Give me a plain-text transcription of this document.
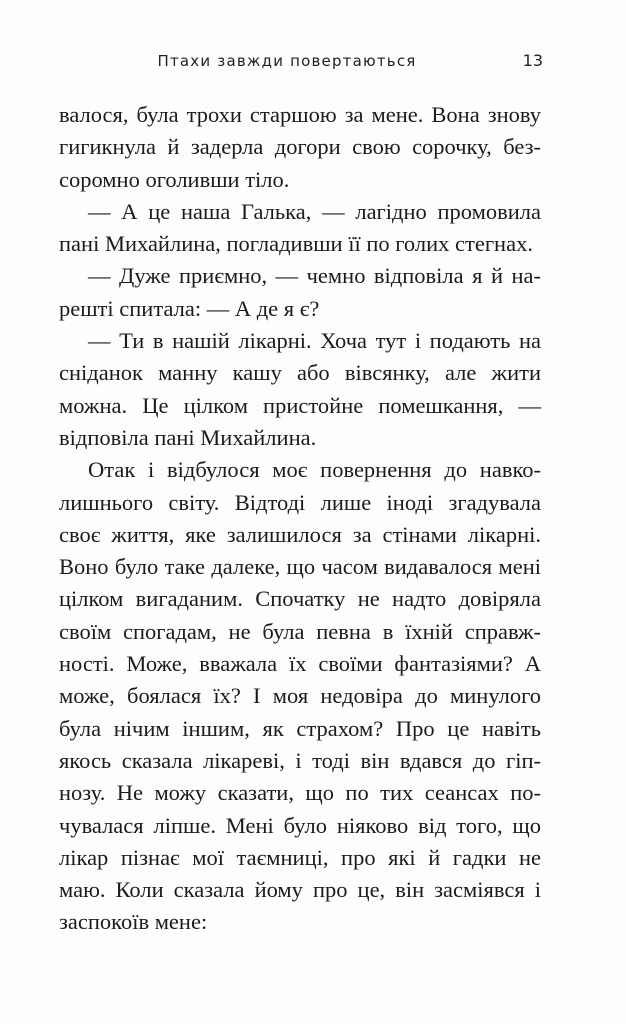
Птахи завжди повертаються	13
валося, була трохи старшою за мене. Вона знову
гигикнула й задерла догори свою сорочку, без-
соромно оголивши тіло.
— А це наша Галька, — лагідно промовила
пані Михайлина, погладивши її по голих стегнах.
— Дуже приємно, — чемно відповіла я й на-
решті спитала: — А де я є?
— Ти в нашій лікарні. Хоча тут і подають на
сніданок манну кашу або вівсянку, але жити
можна. Це цілком пристойне помешкання, —
відповіла пані Михайлина.
Отак і відбулося моє повернення до навко-
лишнього світу. Відтоді лише іноді згадувала
своє життя, яке залишилося за стінами лікарні.
Воно було таке далеке, що часом видавалося мені
цілком вигаданим. Спочатку не надто довіряла
своїм спогадам, не була певна в їхній справж-
ності. Може, вважала їх своїми фантазіями? А
може, боялася їх? І моя недовіра до минулого
була нічим іншим, як страхом? Про це навіть
якось сказала лікареві, і тоді він вдався до гіп-
нозу. Не можу сказати, що по тих сеансах по-
чувалася ліпше. Мені було ніяково від того, що
лікар пізнає мої таємниці, про які й гадки не
маю. Коли сказала йому про це, він засміявся і
заспокоїв мене:
